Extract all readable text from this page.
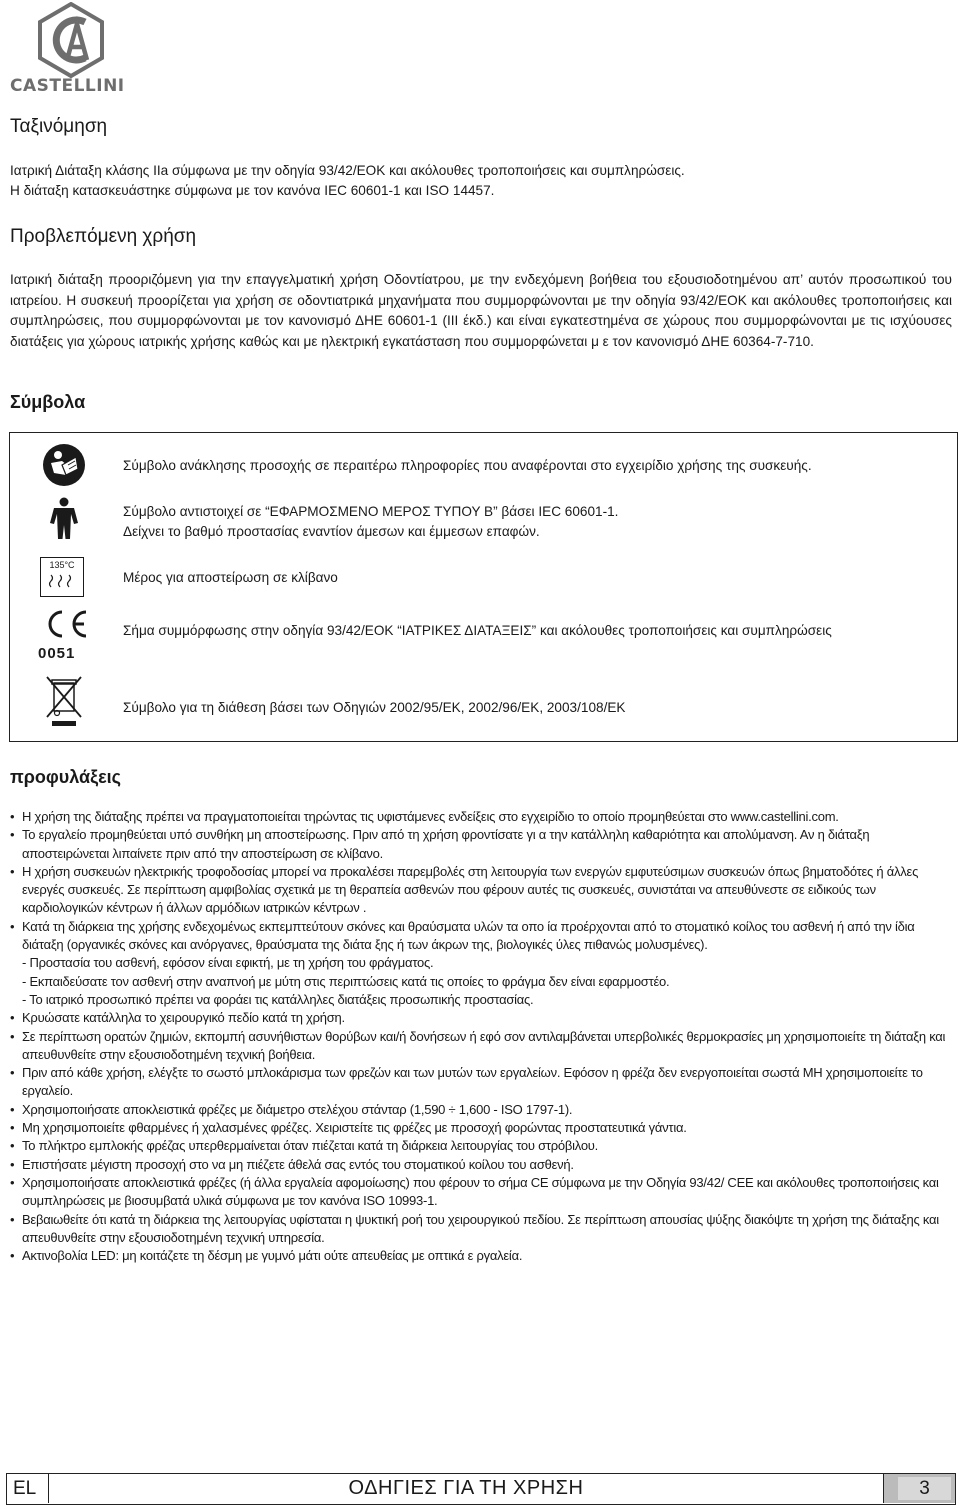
CASTELLINI
Ταξινόμηση

Ιατρική Διάταξη κλάσης IIa σύμφωνα με την οδηγία 93/42/ΕΟΚ και ακόλουθες τροποποιήσεις και συμπληρώσεις.

Η διάταξη κατασκευάστηκε σύμφωνα με τον κανόνα IEC 60601-1 και ISO 14457.

Προβλεπόμενη χρήση

Ιατρική διάταξη προοριζόμενη για την επαγγελματική χρήση Οδοντίατρου, με την ενδεχόμενη βοήθεια του εξουσιοδοτημένου απ’ αυτόν προσωπικού του ιατρείου. Η συσκευή προορίζεται για χρήση σε οδοντιατρικά μηχανήματα που συμμορφώνονται με την οδηγία 93/42/ΕΟΚ και ακόλουθες τροποποιήσεις και συμπληρώσεις, που συμμορφώνονται με τον κανονισμό ΔΗΕ 60601-1 (III έκδ.) και είναι εγκατεστημένα σε χώρους που συμμορφώνονται με τις ισχύουσες διατάξεις για χώρους ιατρικής χρήσης καθώς και με ηλεκτρική εγκατάσταση που συμμορφώνεται μ ε τον κανονισμό ΔΗΕ 60364-7-710.

Σύμβολα
Σύμβολο ανάκλησης προσοχής σε περαιτέρω πληροφορίες που αναφέρονται στο εγχειρίδιο χρήσης της συσκευής.
Σύμβολο αντιστοιχεί σε “ΕΦΑΡΜΟΣΜΕΝΟ ΜΕΡΟΣ ΤΥΠΟΥ B” βάσει IEC 60601-1.
Δείχνει το βαθμό προστασίας εναντίον άμεσων και έμμεσων επαφών.
135°C
Μέρος για αποστείρωση σε κλίβανο
0051
Σήμα συμμόρφωσης στην οδηγία 93/42/ΕΟΚ “ΙΑΤΡΙΚΕΣ ΔΙΑΤΑΞΕΙΣ” και ακόλουθες τροποποιήσεις και συμπληρώσεις
Σύμβολο για τη διάθεση βάσει των Οδηγιών 2002/95/ΕΚ, 2002/96/ΕΚ, 2003/108/ΕΚ
προφυλάξεις
• Η χρήση της διάταξης πρέπει να πραγματοποιείται τηρώντας τις υφιστάμενες ενδείξεις στο εγχειρίδιο το οποίο προμηθεύεται στο www.castellini.com.
• Το εργαλείο προμηθεύεται υπό συνθήκη μη αποστείρωσης. Πριν από τη χρήση φροντίσατε γι α την κατάλληλη καθαριότητα και απολύμανση. Αν η διάταξη αποστειρώνεται λιπαίνετε πριν από την αποστείρωση σε κλίβανο.
• Η χρήση συσκευών ηλεκτρικής τροφοδοσίας μπορεί να προκαλέσει παρεμβολές στη λειτουργία των ενεργών εμφυτεύσιμων συσκευών όπως βηματοδότες ή άλλες ενεργές συσκευές. Σε περίπτωση αμφιβολίας σχετικά με τη θεραπεία ασθενών που φέρουν αυτές τις συσκευές, συνιστάται να απευθύνεστε σε ειδικούς των καρδιολογικών κέντρων ή άλλων αρμόδιων ιατρικών κέντρων .
• Κατά τη διάρκεια της χρήσης ενδεχομένως εκπεμπτεύτουν σκόνες και θραύσματα υλών τα οπο ία προέρχονται από το στοματικό κοίλος του ασθενή ή από την ίδια διάταξη (οργανικές σκόνες και ανόργανες, θραύσματα της διάτα ξης ή των άκρων της, βιολογικές ύλες πιθανώς μολυσμένες).
- Προστασία του ασθενή, εφόσον είναι εφικτή, με τη χρήση του φράγματος.
- Εκπαιδεύσατε τον ασθενή στην αναπνοή με μύτη στις περιπτώσεις κατά τις οποίες το φράγμα δεν είναι εφαρμοστέο.
- Το ιατρικό προσωπικό πρέπει να φοράει τις κατάλληλες διατάξεις προσωπικής προστασίας.
• Κρυώσατε κατάλληλα το χειρουργικό πεδίο κατά τη χρήση.
• Σε περίπτωση ορατών ζημιών, εκπομπή ασυνήθιστων θορύβων και/ή δονήσεων ή εφό σον αντιλαμβάνεται υπερβολικές θερμοκρασίες μη χρησιμοποιείτε τη διάταξη και απευθυνθείτε στην εξουσιοδοτημένη τεχνική βοήθεια.
• Πριν από κάθε χρήση, ελέγξτε το σωστό μπλοκάρισμα των φρεζών και των μυτών των εργαλείων. Εφόσον η φρέζα δεν ενεργοποιείται σωστά ΜΗ χρησιμοποιείτε το εργαλείο.
• Χρησιμοποιήσατε αποκλειστικά φρέζες με διάμετρο στελέχου στάνταρ (1,590 ÷ 1,600 - ISO 1797-1).
• Μη χρησιμοποιείτε φθαρμένες ή χαλασμένες φρέζες. Χειριστείτε τις φρέζες με προσοχή φορώντας προστατευτικά γάντια.
• Το πλήκτρο εμπλοκής φρέζας υπερθερμαίνεται όταν πιέζεται κατά τη διάρκεια λειτουργίας του στρόβιλου.
• Επιστήσατε μέγιστη προσοχή στο να μη πιέζετε άθελά σας εντός του στοματικού κοίλου του ασθενή.
• Χρησιμοποιήσατε αποκλειστικά φρέζες (ή άλλα εργαλεία αφομοίωσης) που φέρουν το σήμα CE σύμφωνα με την Οδηγία 93/42/ CEE και ακόλουθες τροποποιήσεις και συμπληρώσεις με βιοσυμβατά υλικά σύμφωνα με τον κανόνα ISO 10993-1.
• Βεβαιωθείτε ότι κατά τη διάρκεια της λειτουργίας υφίσταται η ψυκτική ροή του χειρουργικού πεδίου. Σε περίπτωση απουσίας ψύξης διακόψτε τη χρήση της διάταξης και απευθυνθείτε στην εξουσιοδοτημένη τεχνική υπηρεσία.
• Ακτινοβολία LED: μη κοιτάζετε τη δέσμη με γυμνό μάτι ούτε απευθείας με οπτικά ε ργαλεία.
EL	ΟΔΗΓΙΕΣ ΓΙΑ ΤΗ ΧΡΗΣΗ	3
